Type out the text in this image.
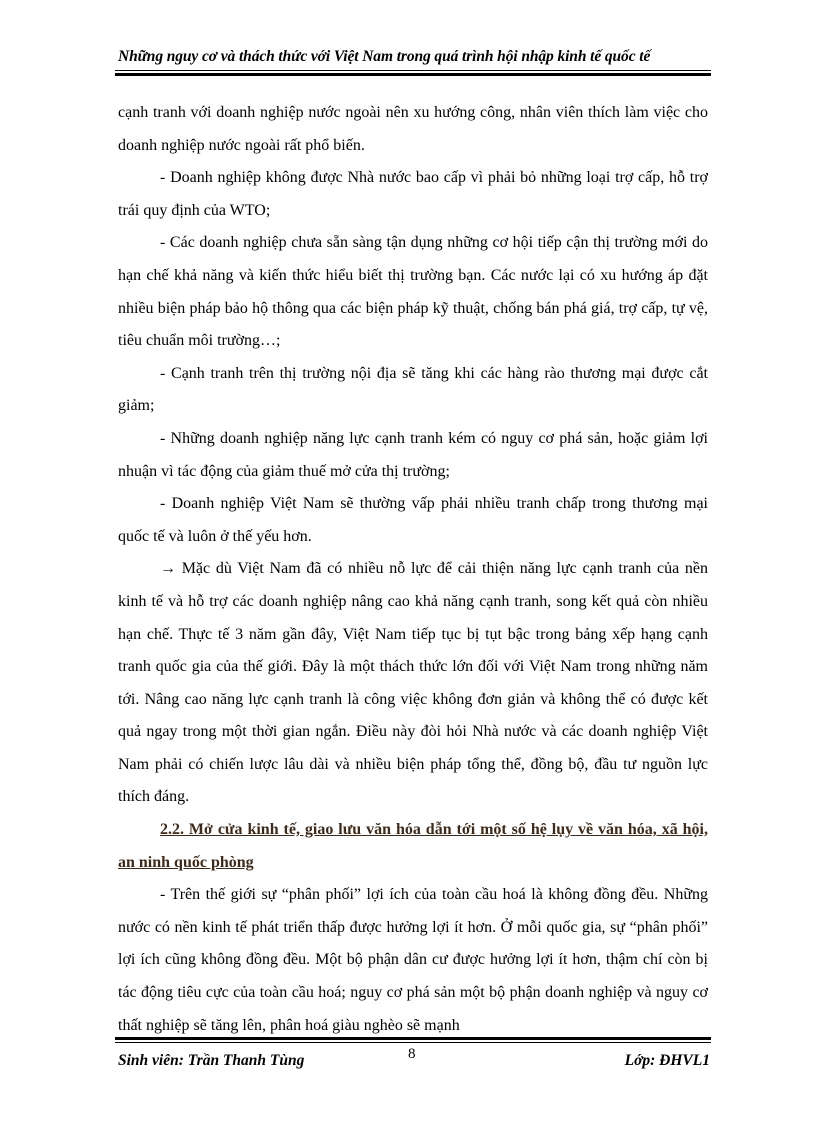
Những nguy cơ và thách thức với Việt Nam trong quá trình hội nhập kinh tế quốc tế

cạnh tranh với doanh nghiệp nước ngoài nên xu hướng công, nhân viên thích làm việc cho doanh nghiệp nước ngoài rất phổ biến.

- Doanh nghiệp không được Nhà nước bao cấp vì phải bỏ những loại trợ cấp, hỗ trợ trái quy định của WTO;

- Các doanh nghiệp chưa sẵn sàng tận dụng những cơ hội tiếp cận thị trường mới do hạn chế khả năng và kiến thức hiểu biết thị trường bạn. Các nước lại có xu hướng áp đặt nhiều biện pháp bảo hộ thông qua các biện pháp kỹ thuật, chống bán phá giá, trợ cấp, tự vệ, tiêu chuẩn môi trường…;

- Cạnh tranh trên thị trường nội địa sẽ tăng khi các hàng rào thương mại được cắt giảm;

- Những doanh nghiệp năng lực cạnh tranh kém có nguy cơ phá sản, hoặc giảm lợi nhuận vì tác động của giảm thuế mở cửa thị trường;

- Doanh nghiệp Việt Nam sẽ thường vấp phải nhiều tranh chấp trong thương mại quốc tế và luôn ở thế yếu hơn.

→ Mặc dù Việt Nam đã có nhiều nỗ lực để cải thiện năng lực cạnh tranh của nền kinh tế và hỗ trợ các doanh nghiệp nâng cao khả năng cạnh tranh, song kết quả còn nhiều hạn chế. Thực tế 3 năm gần đây, Việt Nam tiếp tục bị tụt bậc trong bảng xếp hạng cạnh tranh quốc gia của thế giới. Đây là một thách thức lớn đối với Việt Nam trong những năm tới. Nâng cao năng lực cạnh tranh là công việc không đơn giản và không thể có được kết quả ngay trong một thời gian ngắn. Điều này đòi hỏi Nhà nước và các doanh nghiệp Việt Nam phải có chiến lược lâu dài và nhiều biện pháp tổng thể, đồng bộ, đầu tư nguồn lực thích đáng.

2.2. Mở cửa kinh tế, giao lưu văn hóa dẫn tới một số hệ lụy về văn hóa, xã hội, an ninh quốc phòng

- Trên thế giới sự “phân phối” lợi ích của toàn cầu hoá là không đồng đều. Những nước có nền kinh tế phát triển thấp được hưởng lợi ít hơn. Ở mỗi quốc gia, sự “phân phối” lợi ích cũng không đồng đều. Một bộ phận dân cư được hưởng lợi ít hơn, thậm chí còn bị tác động tiêu cực của toàn cầu hoá; nguy cơ phá sản một bộ phận doanh nghiệp và nguy cơ thất nghiệp sẽ tăng lên, phân hoá giàu nghèo sẽ mạnh

Sinh viên: Trần Thanh Tùng	8	Lớp: ĐHVL1
